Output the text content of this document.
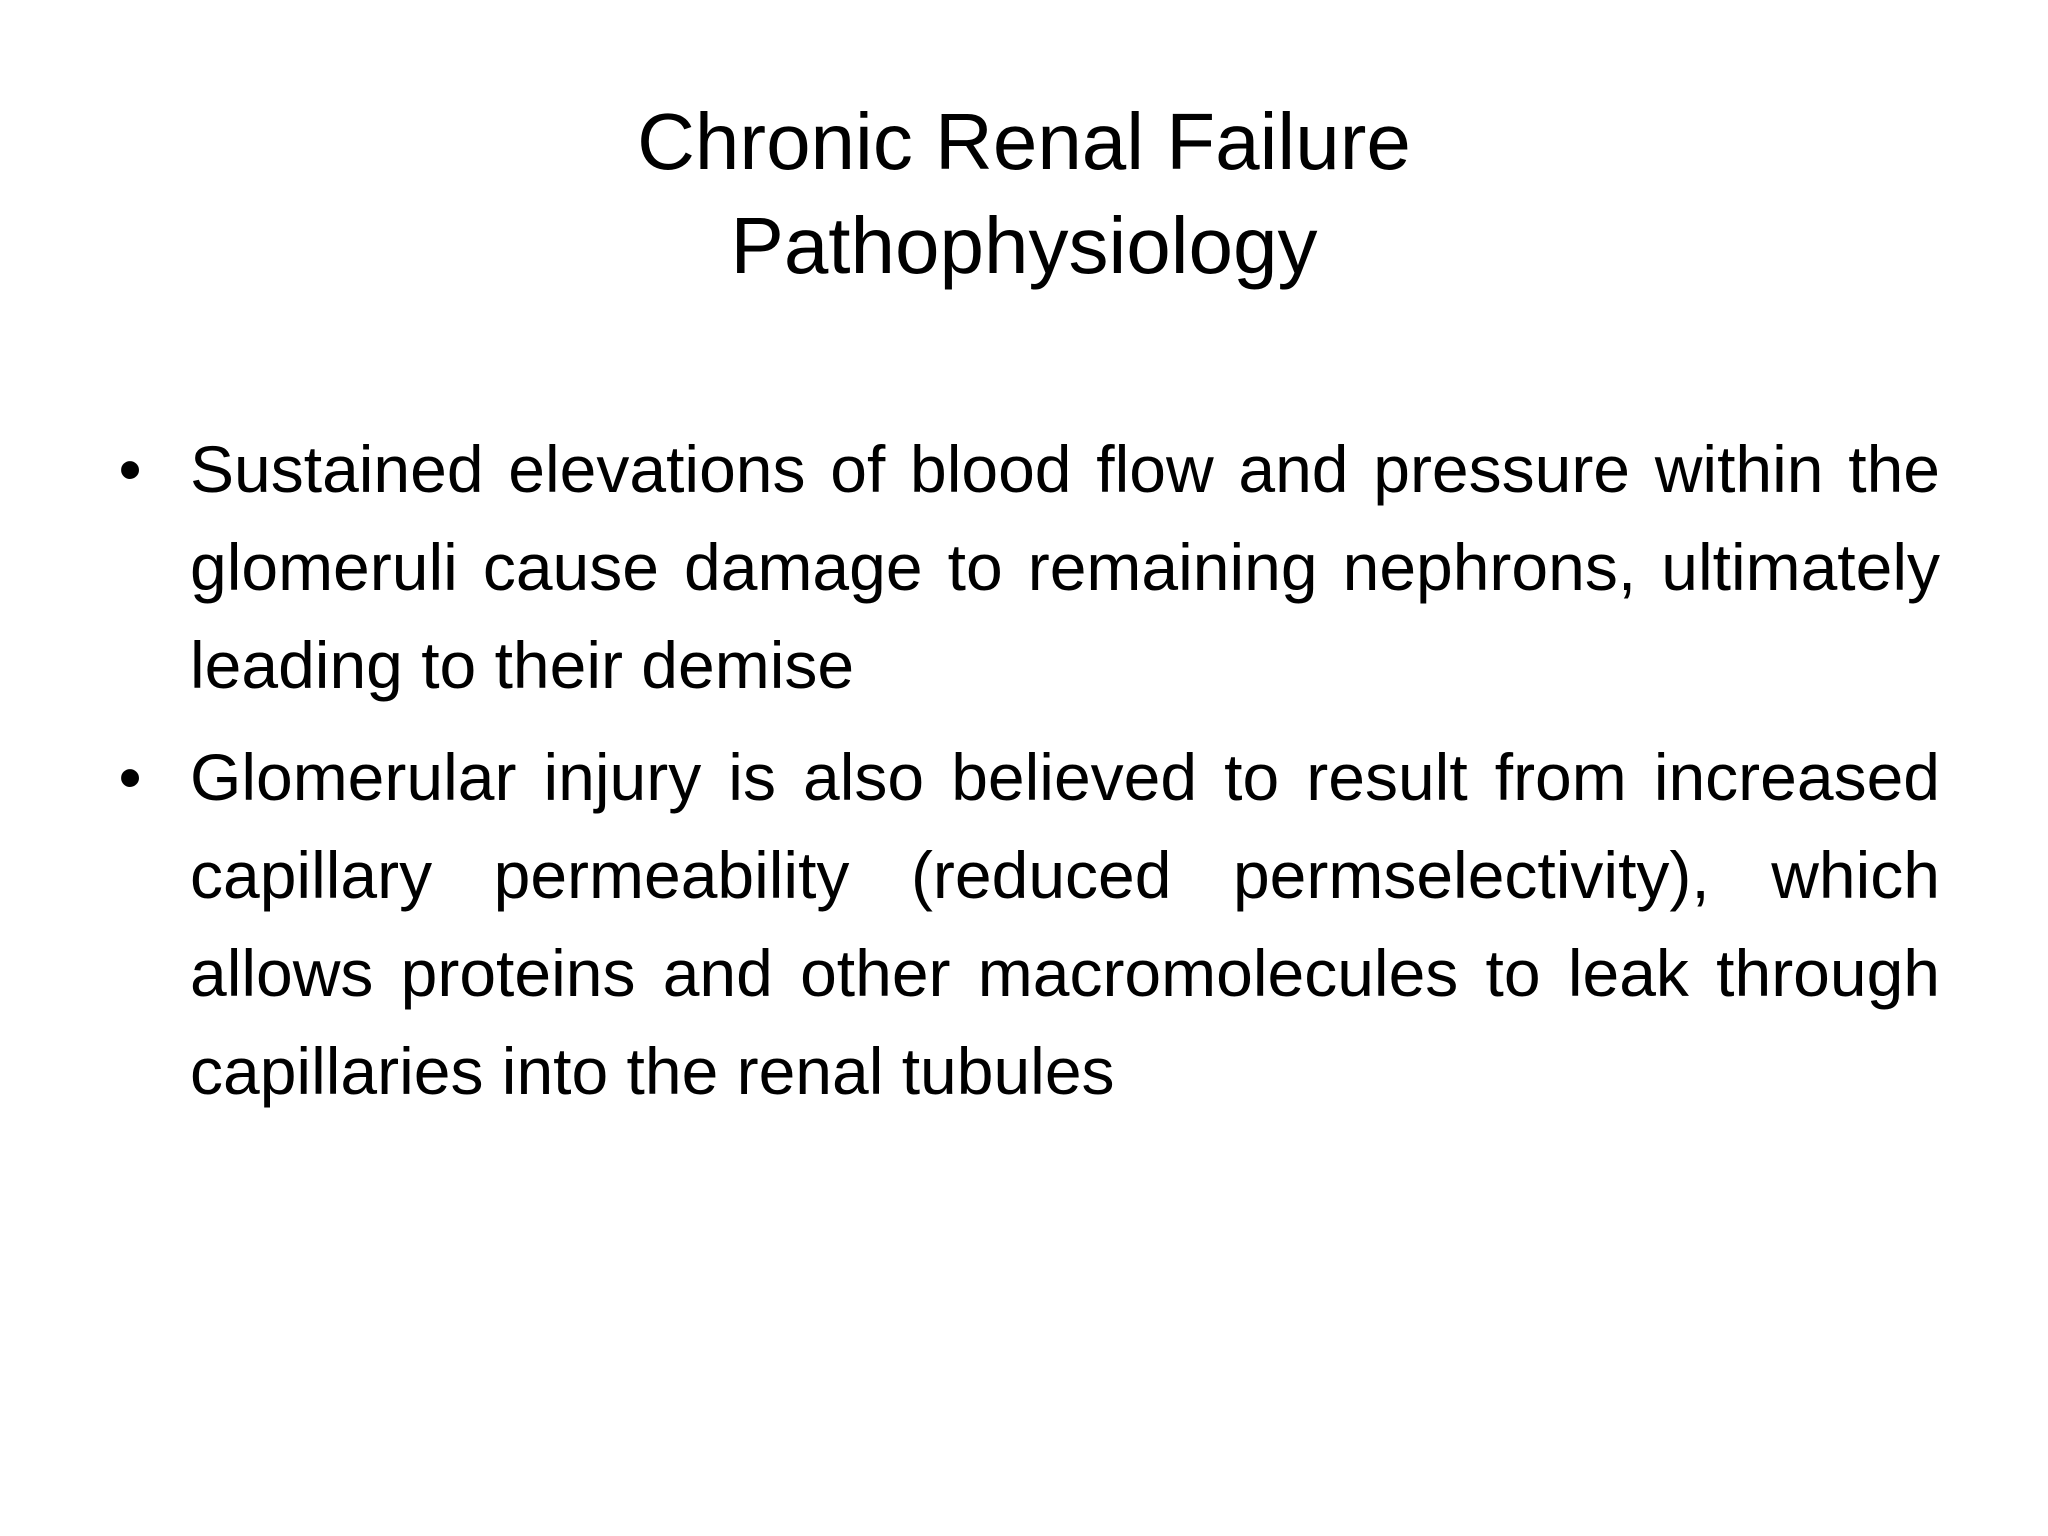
Chronic Renal Failure
Pathophysiology
• Sustained elevations of blood flow and pressure within the glomeruli cause damage to remaining nephrons, ultimately leading to their demise
• Glomerular injury is also believed to result from increased capillary permeability (reduced permselectivity), which allows proteins and other macromolecules to leak through capillaries into the renal tubules
